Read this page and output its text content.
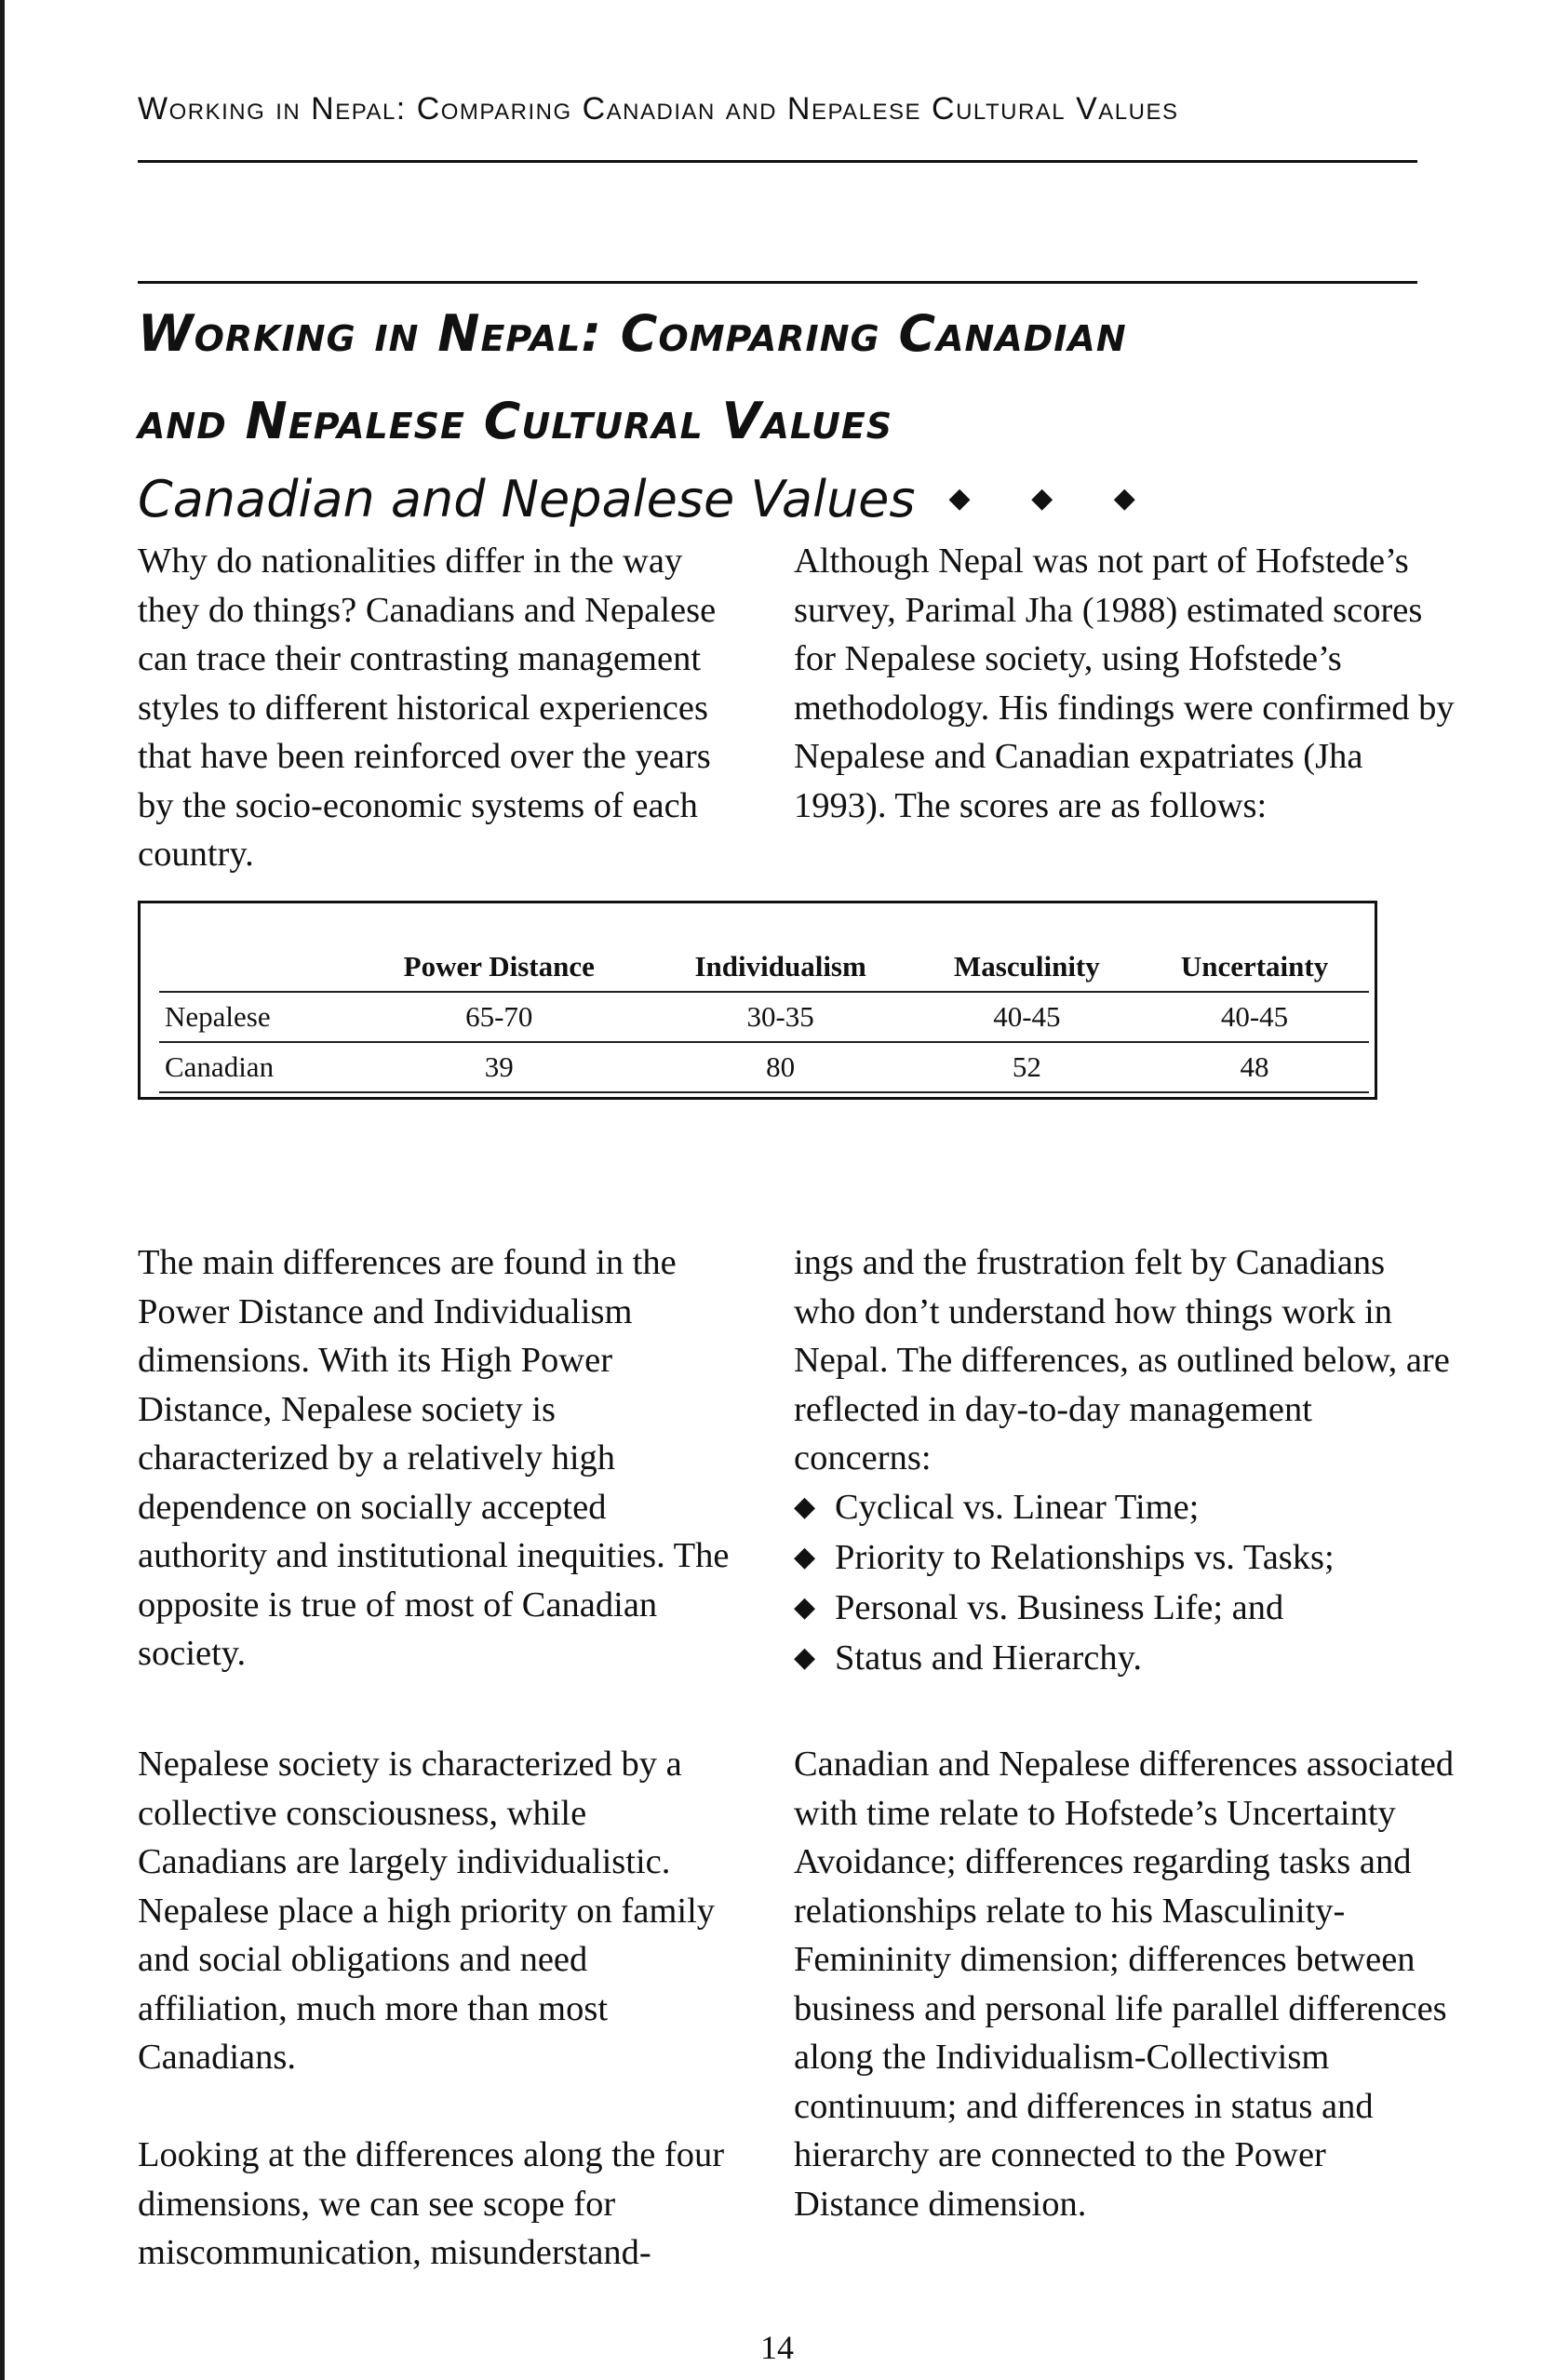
Working in Nepal: Comparing Canadian and Nepalese Cultural Values
Working in Nepal: Comparing Canadian
and Nepalese Cultural Values
Canadian and Nepalese Values ◆ ◆ ◆

Why do nationalities differ in the way they do things? Canadians and Nepalese can trace their contrasting management styles to different historical experiences that have been reinforced over the years by the socio-economic systems of each country.

Although Nepal was not part of Hofstede’s survey, Parimal Jha (1988) estimated scores for Nepalese society, using Hofstede’s methodology. His findings were confirmed by Nepalese and Canadian expatriates (Jha 1993). The scores are as follows:

	Power Distance	Individualism	Masculinity	Uncertainty
Nepalese	65-70	30-35	40-45	40-45
Canadian	39	80	52	48

The main differences are found in the Power Distance and Individualism dimensions. With its High Power Distance, Nepalese society is characterized by a relatively high dependence on socially accepted authority and institutional inequities. The opposite is true of most of Canadian society.

Nepalese society is characterized by a collective consciousness, while Canadians are largely individualistic. Nepalese place a high priority on family and social obligations and need affiliation, much more than most Canadians.

Looking at the differences along the four dimensions, we can see scope for miscommunication, misunderstand-

ings and the frustration felt by Canadians who don’t understand how things work in Nepal. The differences, as outlined below, are reflected in day-to-day management concerns:

◆ Cyclical vs. Linear Time;
◆ Priority to Relationships vs. Tasks;
◆ Personal vs. Business Life; and
◆ Status and Hierarchy.

Canadian and Nepalese differences associated with time relate to Hofstede’s Uncertainty Avoidance; differences regarding tasks and relationships relate to his Masculinity-Femininity dimension; differences between business and personal life parallel differences along the Individualism-Collectivism continuum; and differences in status and hierarchy are connected to the Power Distance dimension.

14
